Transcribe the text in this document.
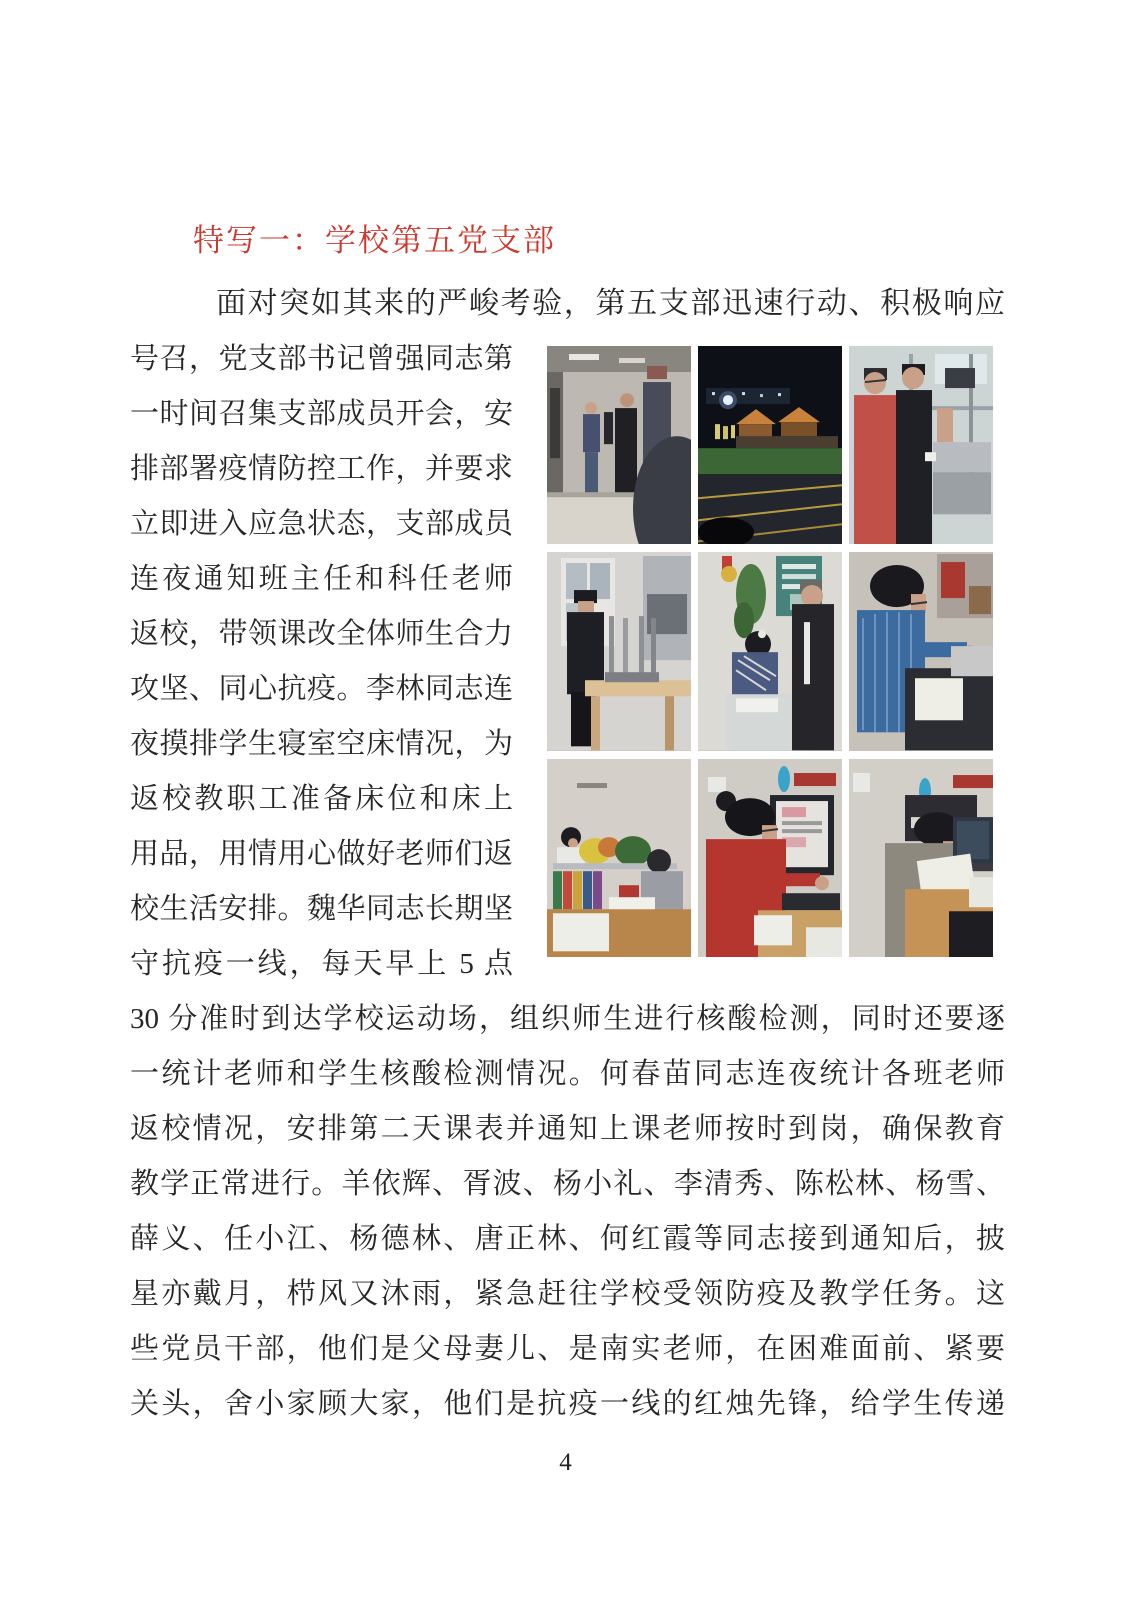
特写一：学校第五党支部
面对突如其来的严峻考验，第五支部迅速行动、积极响应
号召，党支部书记曾强同志第
一时间召集支部成员开会，安
排部署疫情防控工作，并要求
立即进入应急状态，支部成员
连夜通知班主任和科任老师
返校，带领课改全体师生合力
攻坚、同心抗疫。李林同志连
夜摸排学生寝室空床情况，为
返校教职工准备床位和床上
用品，用情用心做好老师们返
校生活安排。魏华同志长期坚
守抗疫一线，每天早上 5 点
30 分准时到达学校运动场，组织师生进行核酸检测，同时还要逐
一统计老师和学生核酸检测情况。何春苗同志连夜统计各班老师
返校情况，安排第二天课表并通知上课老师按时到岗，确保教育
教学正常进行。羊依辉、胥波、杨小礼、李清秀、陈松林、杨雪、
薛义、任小江、杨德林、唐正林、何红霞等同志接到通知后，披
星亦戴月，栉风又沐雨，紧急赶往学校受领防疫及教学任务。这
些党员干部，他们是父母妻儿、是南实老师，在困难面前、紧要
关头，舍小家顾大家，他们是抗疫一线的红烛先锋，给学生传递
4
